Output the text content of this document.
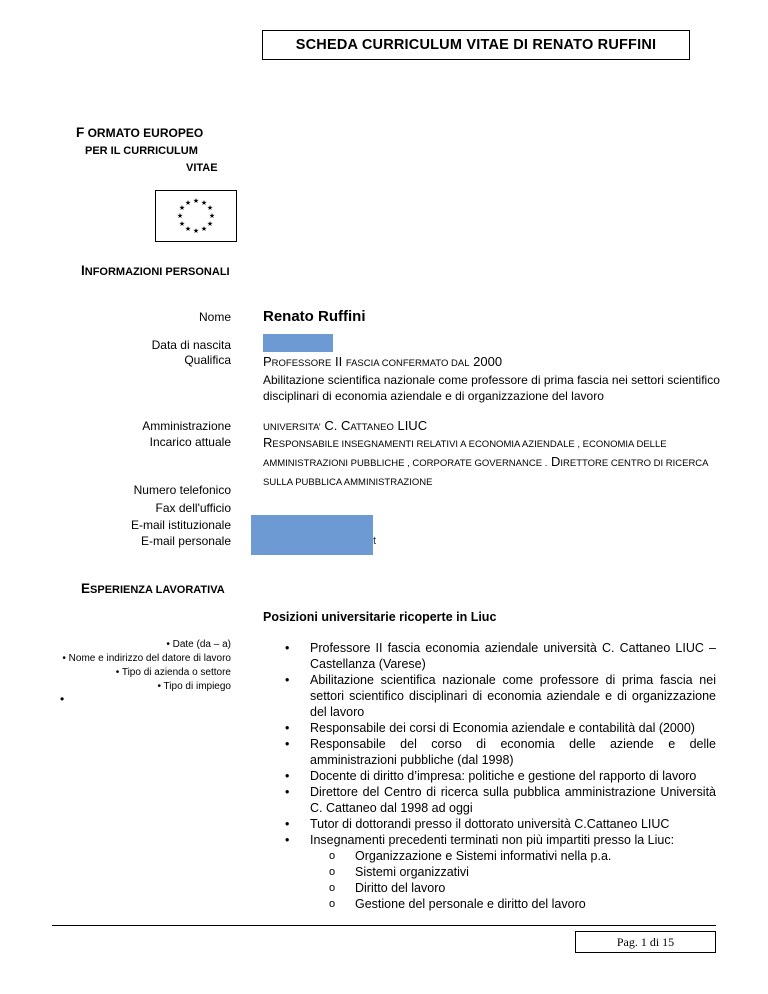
SCHEDA CURRICULUM VITAE DI RENATO RUFFINI
F ORMATO EUROPEO
PER IL CURRICULUM
VITAE
★ ★
★
★
★
★
★
★
★
★
★
★
INFORMAZIONI PERSONALI
Nome Renato Ruffini
Data di nascita
Qualifica PROFESSORE II FASCIA CONFERMATO DAL 2000
Abilitazione scientifica nazionale come professore di prima fascia nei settori scientifico
disciplinari di economia aziendale e di organizzazione del lavoro
Amministrazione	UNIVERSITA’ C. CATTANEO LIUC
Incarico attuale RESPONSABILE INSEGNAMENTI RELATIVI A ECONOMIA AZIENDALE , ECONOMIA DELLE
AMMINISTRAZIONI PUBBLICHE , CORPORATE GOVERNANCE . DIRETTORE CENTRO DI RICERCA
SULLA PUBBLICA AMMINISTRAZIONE
Numero telefonico
Fax dell'ufficio
E-mail istituzionale
E-mail personale	t
ESPERIENZA LAVORATIVA
Posizioni universitarie ricoperte in Liuc
• Date (da – a)
• Nome e indirizzo del datore di lavoro
• Tipo di azienda o settore
• Tipo di impiego
•
• Professore II fascia economia aziendale università C. Cattaneo LIUC – Castellanza (Varese)
• Abilitazione scientifica nazionale come professore di prima fascia nei settori scientifico disciplinari di economia aziendale e di organizzazione del lavoro
• Responsabile dei corsi di Economia aziendale e contabilità dal (2000)
• Responsabile del corso di economia delle aziende e delle amministrazioni pubbliche (dal 1998)
• Docente di diritto d’impresa: politiche e gestione del rapporto di lavoro
• Direttore del Centro di ricerca sulla pubblica amministrazione Università C. Cattaneo dal 1998 ad oggi
• Tutor di dottorandi presso il dottorato università C.Cattaneo LIUC
• Insegnamenti precedenti terminati non più impartiti presso la Liuc:
o Organizzazione e Sistemi informativi nella p.a.
o Sistemi organizzativi
o Diritto del lavoro
o Gestione del personale e diritto del lavoro
Pag. 1 di 15
